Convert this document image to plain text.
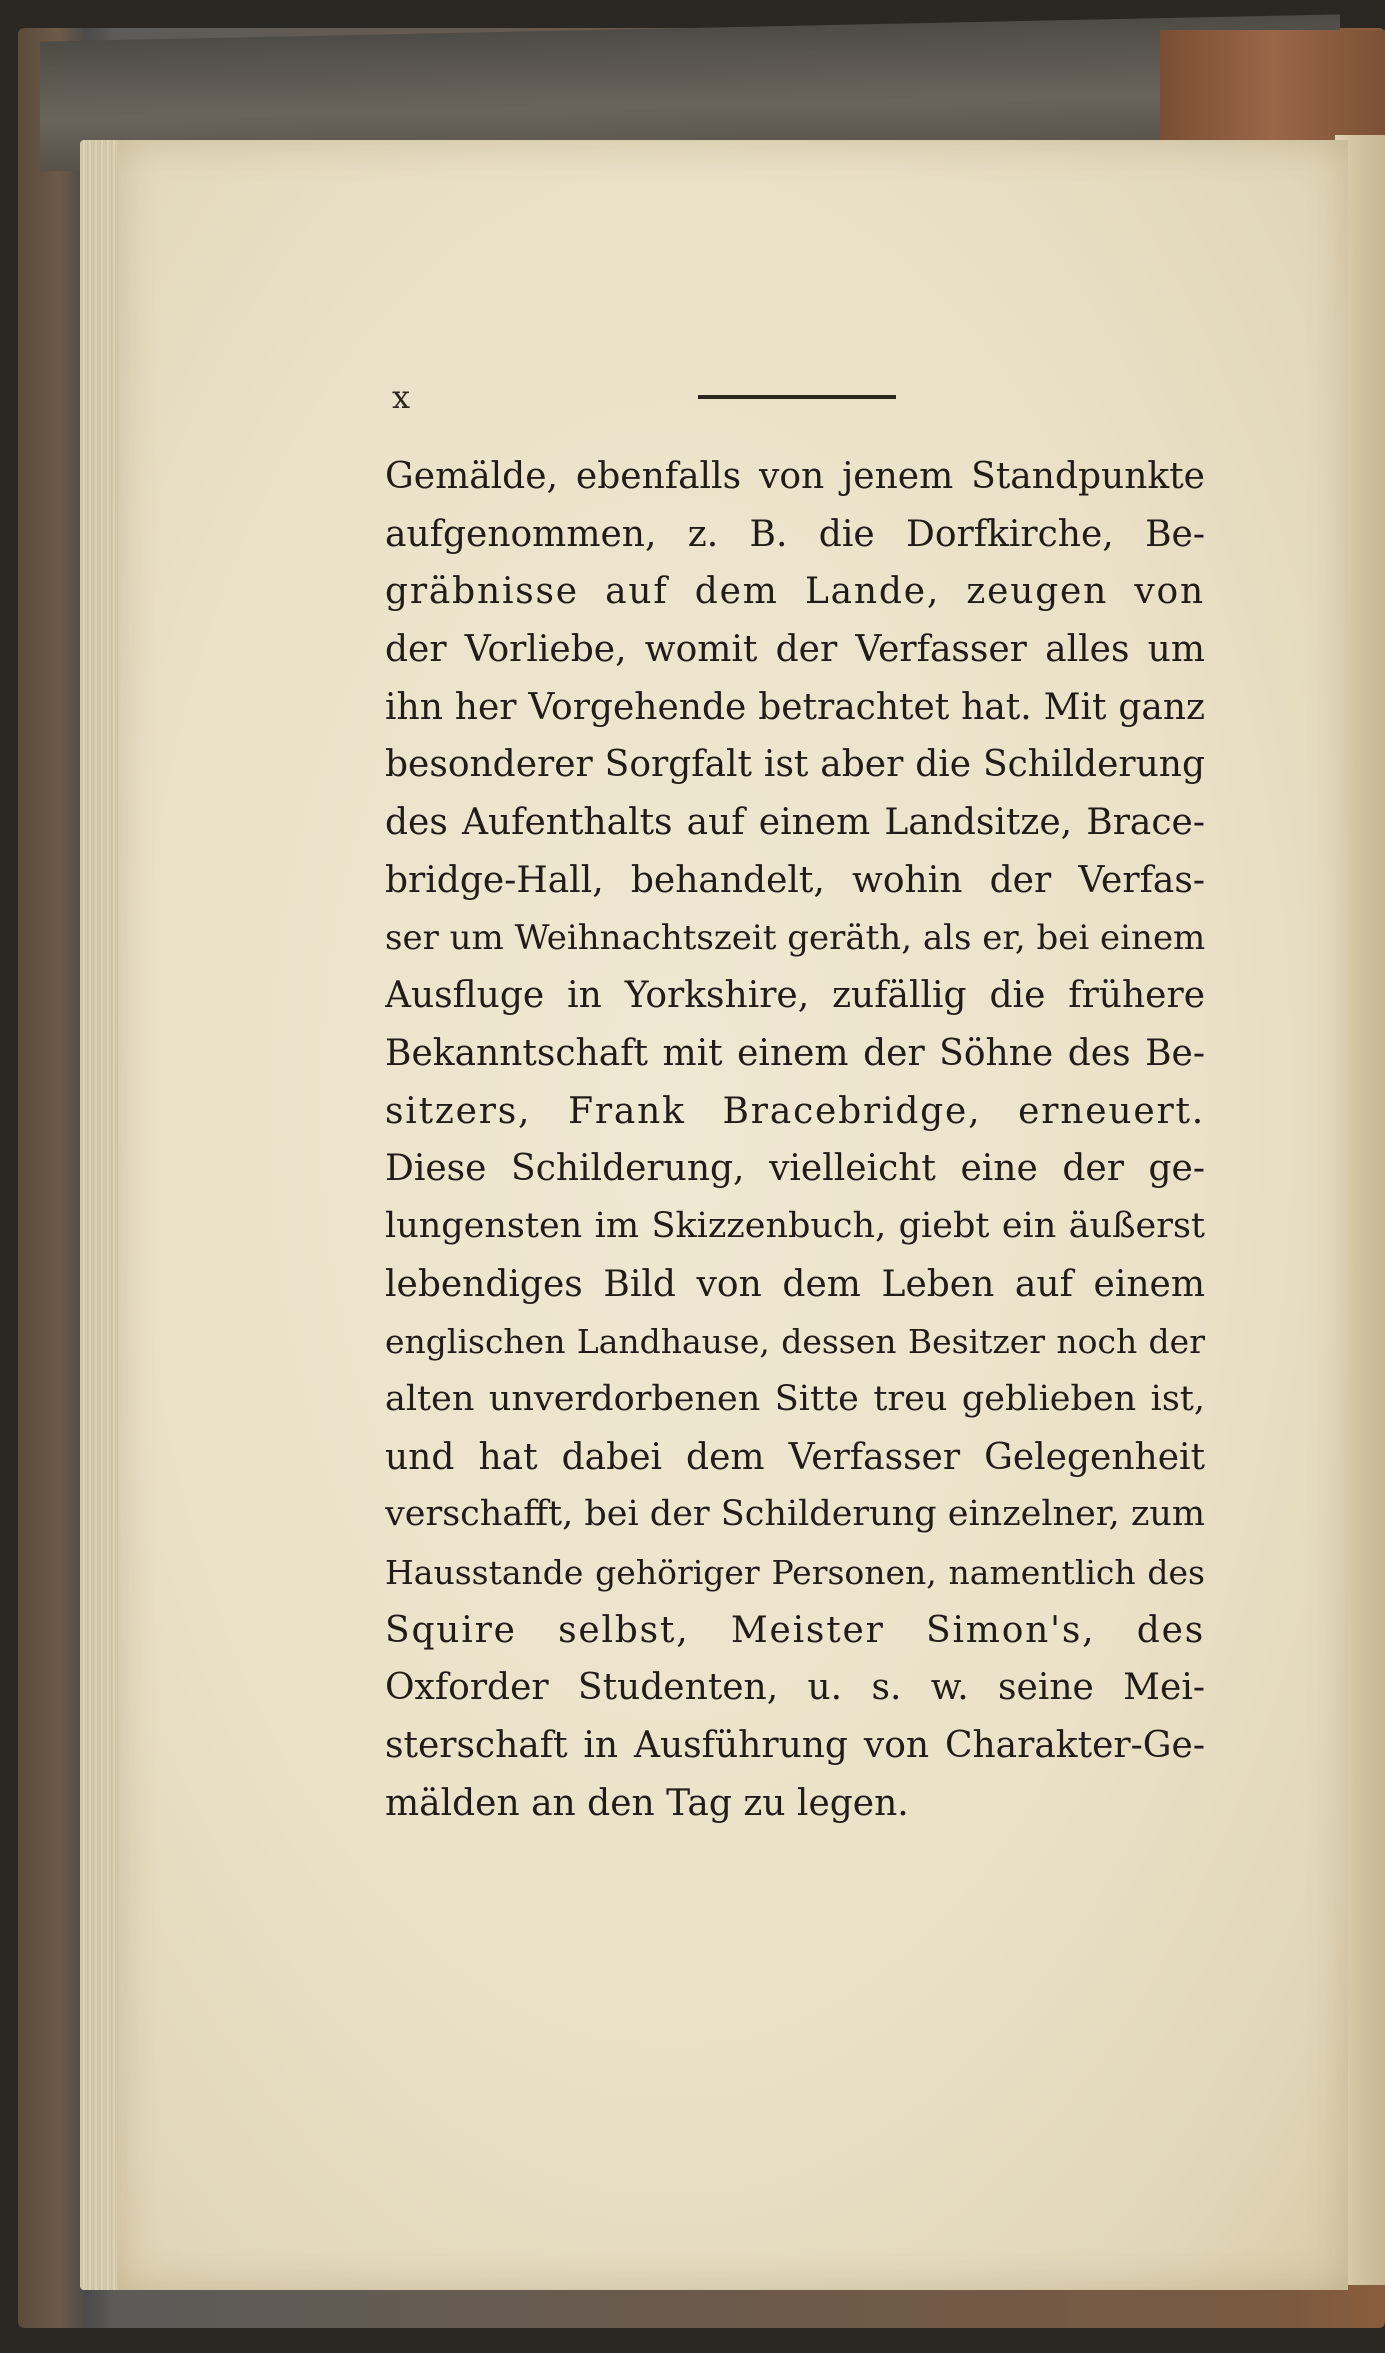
x
Gemälde, ebenfalls von jenem Standpunkte
aufgenommen, z. B. die Dorfkirche, Be-
gräbnisse auf dem Lande, zeugen von
der Vorliebe, womit der Verfasser alles um
ihn her Vorgehende betrachtet hat. Mit ganz
besonderer Sorgfalt ist aber die Schilderung
des Aufenthalts auf einem Landsitze, Brace-
bridge-Hall, behandelt, wohin der Verfas-
ser um Weihnachtszeit geräth, als er, bei einem
Ausfluge in Yorkshire, zufällig die frühere
Bekanntschaft mit einem der Söhne des Be-
sitzers, Frank Bracebridge, erneuert.
Diese Schilderung, vielleicht eine der ge-
lungensten im Skizzenbuch, giebt ein äußerst
lebendiges Bild von dem Leben auf einem
englischen Landhause, dessen Besitzer noch der
alten unverdorbenen Sitte treu geblieben ist,
und hat dabei dem Verfasser Gelegenheit
verschafft, bei der Schilderung einzelner, zum
Hausstande gehöriger Personen, namentlich des
Squire selbst, Meister Simon's, des
Oxforder Studenten, u. s. w. seine Mei-
sterschaft in Ausführung von Charakter-Ge-
mälden an den Tag zu legen.
